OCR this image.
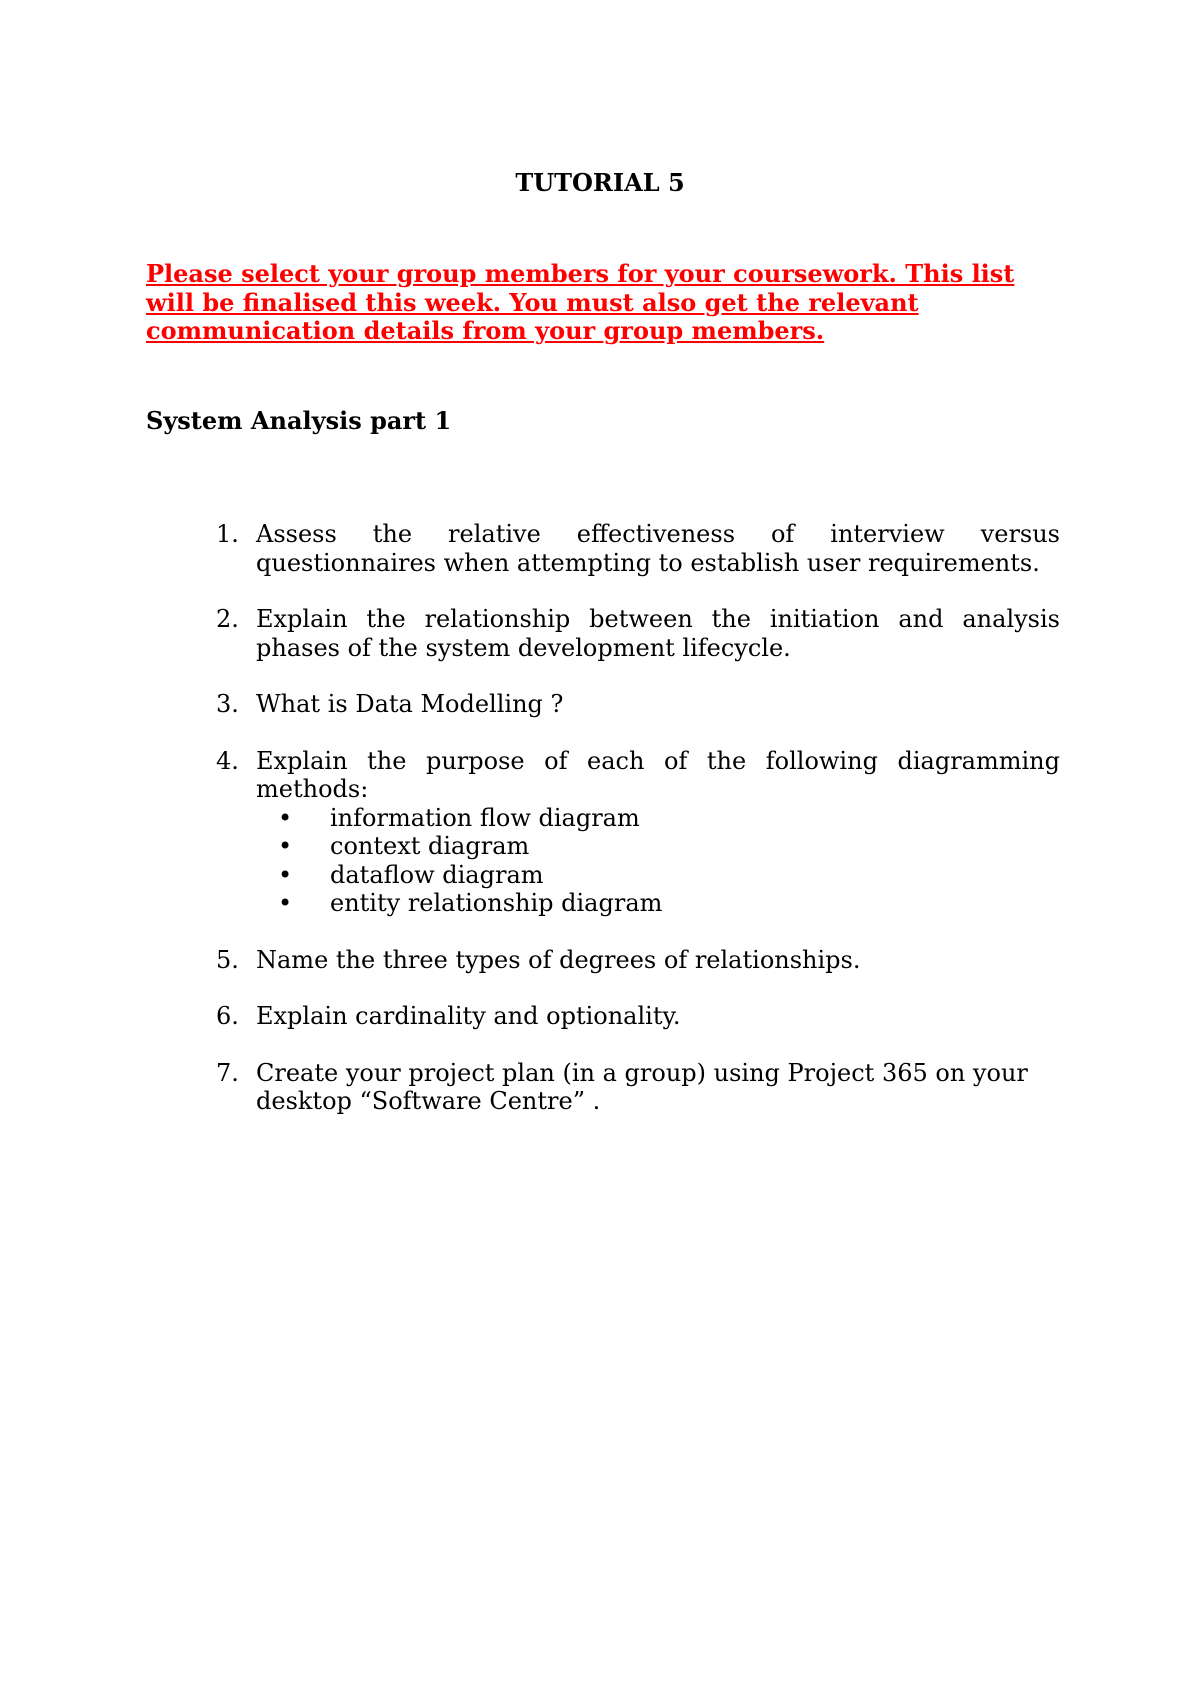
TUTORIAL 5
Please select your group members for your coursework. This list
will be finalised this week. You must also get the relevant
communication details from your group members.
System Analysis part 1
1. Assess the relative effectiveness of interview versus
questionnaires when attempting to establish user requirements.
2. Explain the relationship between the initiation and analysis
phases of the system development lifecycle.
3. What is Data Modelling ?
4. Explain the purpose of each of the following diagramming
methods:
• information flow diagram
• context diagram
• dataflow diagram
• entity relationship diagram
5. Name the three types of degrees of relationships.
6. Explain cardinality and optionality.
7. Create your project plan (in a group) using Project 365 on your
desktop “Software Centre” .
